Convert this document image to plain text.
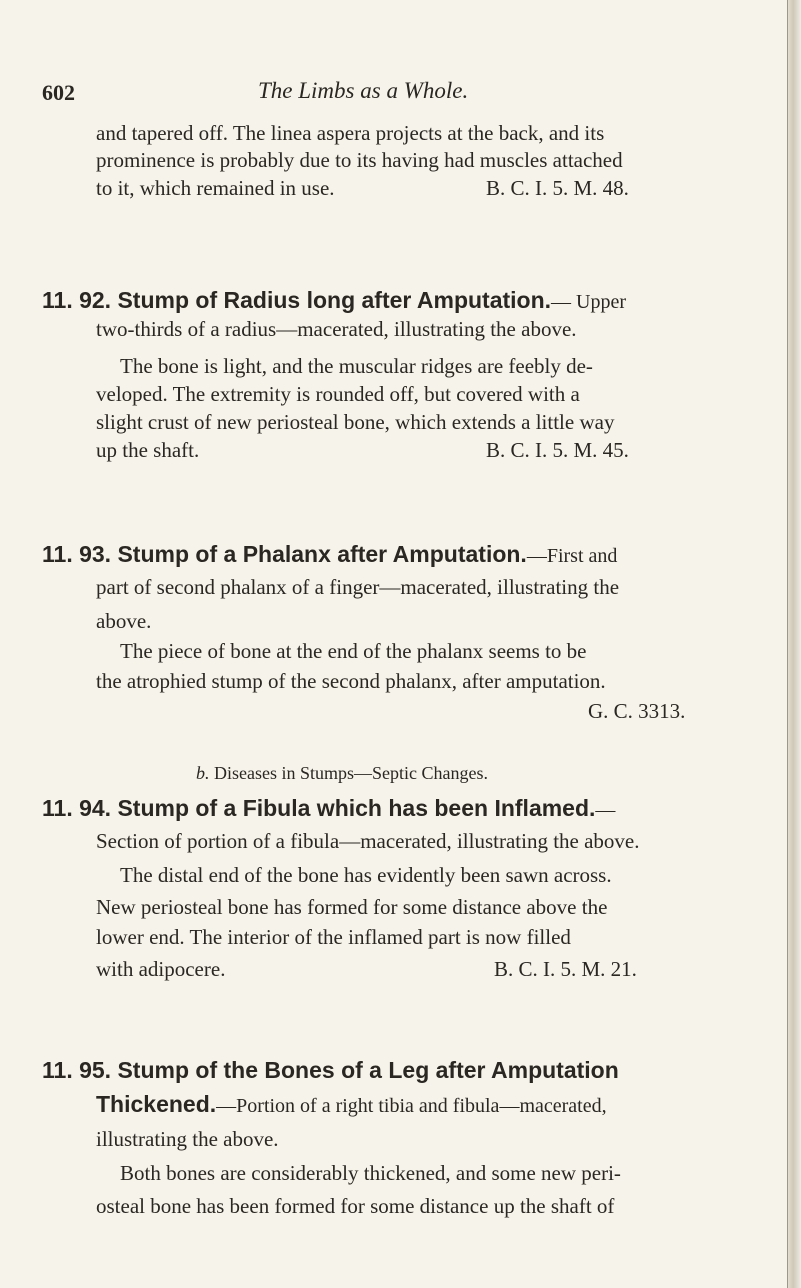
602	The Limbs as a Whole.
and tapered off. The linea aspera projects at the back, and its
prominence is probably due to its having had muscles attached
to it, which remained in use.	B. C. I. 5. M. 48.
11. 92. Stump of Radius long after Amputation.— Upper
two-thirds of a radius—macerated, illustrating the above.
The bone is light, and the muscular ridges are feebly de-
veloped. The extremity is rounded off, but covered with a
slight crust of new periosteal bone, which extends a little way
up the shaft.	B. C. I. 5. M. 45.
11. 93. Stump of a Phalanx after Amputation.—First and
part of second phalanx of a finger—macerated, illustrating the
above.
The piece of bone at the end of the phalanx seems to be
the atrophied stump of the second phalanx, after amputation.
G. C. 3313.
b. Diseases in Stumps—Septic Changes.
11. 94. Stump of a Fibula which has been Inflamed.—
Section of portion of a fibula—macerated, illustrating the above.
The distal end of the bone has evidently been sawn across.
New periosteal bone has formed for some distance above the
lower end. The interior of the inflamed part is now filled
with adipocere.	B. C. I. 5. M. 21.
11. 95. Stump of the Bones of a Leg after Amputation
Thickened.—Portion of a right tibia and fibula—macerated,
illustrating the above.
Both bones are considerably thickened, and some new peri-
osteal bone has been formed for some distance up the shaft of
